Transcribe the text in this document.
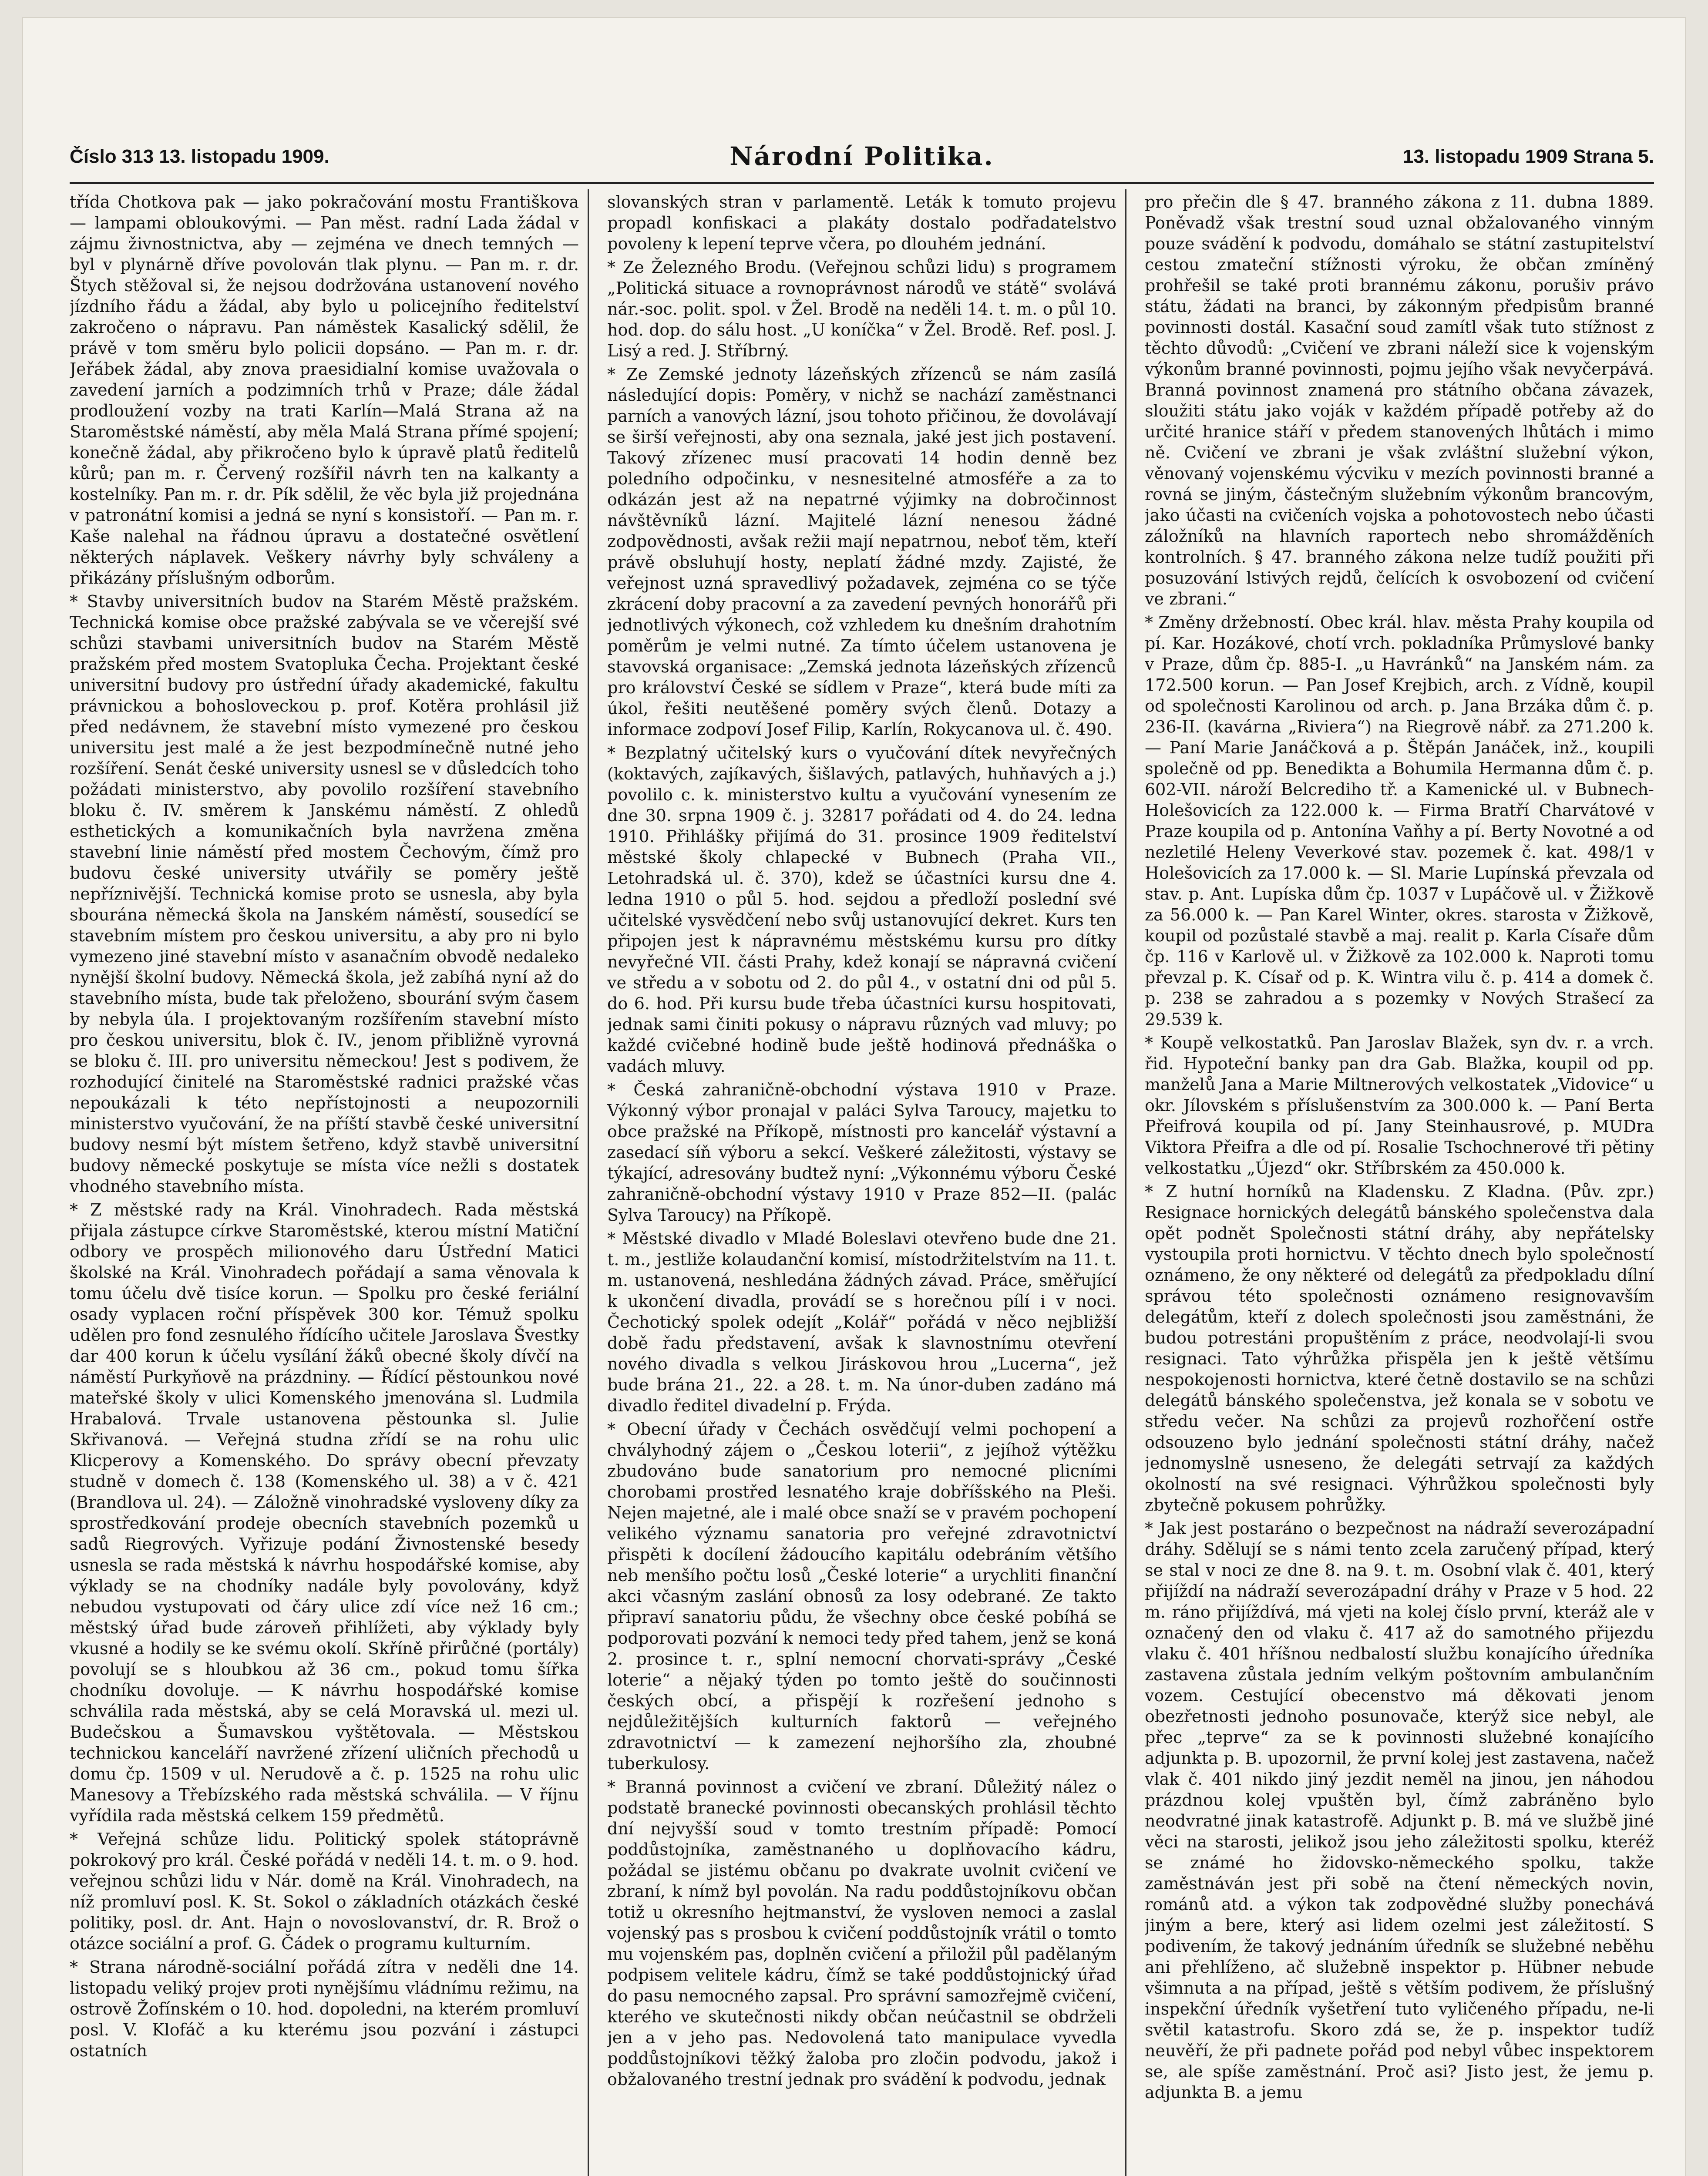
Číslo 313 13. listopadu 1909.	Národní Politika.	13. listopadu 1909 Strana 5.

třída Chotkova pak — jako pokračování mostu Františkova — lampami obloukovými. — Pan měst. radní Lada žádal v zájmu živnostnictva, aby — zejména ve dnech temných — byl v plynárně dříve povolován tlak plynu. — Pan m. r. dr. Štych stěžoval si, že nejsou dodržována ustanovení nového jízdního řádu a žádal, aby bylo u policejního ředitelství zakročeno o nápravu. Pan náměstek Kasalický sdělil, že právě v tom směru bylo policii dopsáno. — Pan m. r. dr. Jeřábek žádal, aby znova praesidialní komise uvažovala o zavedení jarních a podzimních trhů v Praze; dále žádal prodloužení vozby na trati Karlín—Malá Strana až na Staroměstské náměstí, aby měla Malá Strana přímé spojení; konečně žádal, aby přikročeno bylo k úpravě platů ředitelů kůrů; pan m. r. Červený rozšířil návrh ten na kalkanty a kostelníky. Pan m. r. dr. Pík sdělil, že věc byla již projednána v patronátní komisi a jedná se nyní s konsistoří. — Pan m. r. Kaše nalehal na řádnou úpravu a dostatečné osvětlení některých náplavek. Veškery návrhy byly schváleny a přikázány příslušným odborům.

* Stavby universitních budov na Starém Městě pražském. Technická komise obce pražské zabývala se ve včerejší své schůzi stavbami universitních budov na Starém Městě pražském před mostem Svatopluka Čecha. Projektant české universitní budovy pro ústřední úřady akademické, fakultu právnickou a bohosloveckou p. prof. Kotěra prohlásil již před nedávnem, že stavební místo vymezené pro českou universitu jest malé a že jest bezpodmínečně nutné jeho rozšíření. Senát české university usnesl se v důsledcích toho požádati ministerstvo, aby povolilo rozšíření stavebního bloku č. IV. směrem k Janskému náměstí. Z ohledů esthetických a komunikačních byla navržena změna stavební linie náměstí před mostem Čechovým, čímž pro budovu české university utvářily se poměry ještě nepříznivější. Technická komise proto se usnesla, aby byla sbourána německá škola na Janském náměstí, sousedící se stavebním místem pro českou universitu, a aby pro ni bylo vymezeno jiné stavební místo v asanačním obvodě nedaleko nynější školní budovy. Německá škola, jež zabíhá nyní až do stavebního místa, bude tak přeloženo, sbourání svým časem by nebyla úla. I projektovaným rozšířením stavební místo pro českou universitu, blok č. IV., jenom přibližně vyrovná se bloku č. III. pro universitu německou! Jest s podivem, že rozhodující činitelé na Staroměstské radnici pražské včas nepoukázali k této nepřístojnosti a neupozornili ministerstvo vyučování, že na příští stavbě české universitní budovy nesmí být místem šetřeno, když stavbě universitní budovy německé poskytuje se místa více nežli s dostatek vhodného stavebního místa.

* Z městské rady na Král. Vinohradech. Rada městská přijala zástupce církve Staroměstské, kterou místní Matiční odbory ve prospěch milionového daru Ústřední Matici školské na Král. Vinohradech pořádají a sama věnovala k tomu účelu dvě tisíce korun. — Spolku pro české feriální osady vyplacen roční příspěvek 300 kor. Témuž spolku udělen pro fond zesnulého řídícího učitele Jaroslava Švestky dar 400 korun k účelu vysílání žáků obecné školy dívčí na náměstí Purkyňově na prázdniny. — Řídící pěstounkou nové mateřské školy v ulici Komenského jmenována sl. Ludmila Hrabalová. Trvale ustanovena pěstounka sl. Julie Skřivanová. — Veřejná studna zřídí se na rohu ulic Klicperovy a Komenského. Do správy obecní převzaty studně v domech č. 138 (Komenského ul. 38) a v č. 421 (Brandlova ul. 24). — Záložně vinohradské vysloveny díky za sprostředkování prodeje obecních stavebních pozemků u sadů Riegrových. Vyřizuje podání Živnostenské besedy usnesla se rada městská k návrhu hospodářské komise, aby výklady se na chodníky nadále byly povolovány, když nebudou vystupovati od čáry ulice zdí více než 16 cm.; městský úřad bude zároveň přihlížeti, aby výklady byly vkusné a hodily se ke svému okolí. Skříně přirůčné (portály) povolují se s hloubkou až 36 cm., pokud tomu šířka chodníku dovoluje. — K návrhu hospodářské komise schválila rada městská, aby se celá Moravská ul. mezi ul. Budečskou a Šumavskou vyštětovala. — Městskou technickou kanceláří navržené zřízení uličních přechodů u domu čp. 1509 v ul. Nerudově a č. p. 1525 na rohu ulic Manesovy a Třebízského rada městská schválila. — V říjnu vyřídila rada městská celkem 159 předmětů.

* Veřejná schůze lidu. Politický spolek státoprávně pokrokový pro král. České pořádá v neděli 14. t. m. o 9. hod. veřejnou schůzi lidu v Nár. domě na Král. Vinohradech, na níž promluví posl. K. St. Sokol o základních otázkách české politiky, posl. dr. Ant. Hajn o novoslovanství, dr. R. Brož o otázce sociální a prof. G. Čádek o programu kulturním.

* Strana národně-sociální pořádá zítra v neděli dne 14. listopadu veliký projev proti nynějšímu vládnímu režimu, na ostrově Žofínském o 10. hod. dopoledni, na kterém promluví posl. V. Klofáč a ku kterému jsou pozvání i zástupci ostatních

slovanských stran v parlamentě. Leták k tomuto projevu propadl konfiskaci a plakáty dostalo podřadatelstvo povoleny k lepení teprve včera, po dlouhém jednání.

* Ze Železného Brodu. (Veřejnou schůzi lidu) s programem „Politická situace a rovnoprávnost národů ve státě“ svolává nár.-soc. polit. spol. v Žel. Brodě na neděli 14. t. m. o půl 10. hod. dop. do sálu host. „U koníčka“ v Žel. Brodě. Ref. posl. J. Lisý a red. J. Stříbrný.

* Ze Zemské jednoty lázeňských zřízenců se nám zasílá následující dopis: Poměry, v nichž se nachází zaměstnanci parních a vanových lázní, jsou tohoto přičinou, že dovolávají se širší veřejnosti, aby ona seznala, jaké jest jich postavení. Takový zřízenec musí pracovati 14 hodin denně bez poledního odpočinku, v nesnesitelné atmosféře a za to odkázán jest až na nepatrné výjimky na dobročinnost návštěvníků lázní. Majitelé lázní nenesou žádné zodpovědnosti, avšak režii mají nepatrnou, neboť těm, kteří právě obsluhují hosty, neplatí žádné mzdy. Zajisté, že veřejnost uzná spravedlivý požadavek, zejména co se týče zkrácení doby pracovní a za zavedení pevných honorářů při jednotlivých výkonech, což vzhledem ku dnešním drahotním poměrům je velmi nutné. Za tímto účelem ustanovena je stavovská organisace: „Zemská jednota lázeňských zřízenců pro království České se sídlem v Praze“, která bude míti za úkol, řešiti neutěšené poměry svých členů. Dotazy a informace zodpoví Josef Filip, Karlín, Rokycanova ul. č. 490.

* Bezplatný učitelský kurs o vyučování dítek nevyřečných (koktavých, zajíkavých, šišlavých, patlavých, huhňavých a j.) povolilo c. k. ministerstvo kultu a vyučování vynesením ze dne 30. srpna 1909 č. j. 32817 pořádati od 4. do 24. ledna 1910. Přihlášky přijímá do 31. prosince 1909 ředitelství městské školy chlapecké v Bubnech (Praha VII., Letohradská ul. č. 370), kdež se účastníci kursu dne 4. ledna 1910 o půl 5. hod. sejdou a předloží poslední své učitelské vysvědčení nebo svůj ustanovující dekret. Kurs ten připojen jest k nápravnému městskému kursu pro dítky nevyřečné VII. části Prahy, kdež konají se nápravná cvičení ve středu a v sobotu od 2. do půl 4., v ostatní dni od půl 5. do 6. hod. Při kursu bude třeba účastníci kursu hospitovati, jednak sami činiti pokusy o nápravu různých vad mluvy; po každé cvičebné hodině bude ještě hodinová přednáška o vadách mluvy.

* Česká zahraničně-obchodní výstava 1910 v Praze. Výkonný výbor pronajal v paláci Sylva Taroucy, majetku to obce pražské na Příkopě, místnosti pro kancelář výstavní a zasedací síň výboru a sekcí. Veškeré záležitosti, výstavy se týkající, adresovány budtež nyní: „Výkonnému výboru České zahraničně-obchodní výstavy 1910 v Praze 852—II. (palác Sylva Taroucy) na Příkopě.

* Městské divadlo v Mladé Boleslavi otevřeno bude dne 21. t. m., jestliže kolaudanční komisí, místodržitelstvím na 11. t. m. ustanovená, neshledána žádných závad. Práce, směřující k ukončení divadla, provádí se s horečnou pílí i v noci. Čechotický spolek odejít „Kolář“ pořádá v něco nejbližší době řadu představení, avšak k slavnostnímu otevření nového divadla s velkou Jiráskovou hrou „Lucerna“, jež bude brána 21., 22. a 28. t. m. Na únor-duben zadáno má divadlo ředitel divadelní p. Frýda.

* Obecní úřady v Čechách osvědčují velmi pochopení a chvályhodný zájem o „Českou loterii“, z jejíhož výtěžku zbudováno bude sanatorium pro nemocné plicními chorobami prostřed lesnatého kraje dobříšského na Pleši. Nejen majetné, ale i malé obce snaží se v pravém pochopení velikého významu sanatoria pro veřejné zdravotnictví přispěti k docílení žádoucího kapitálu odebráním většího neb menšího počtu losů „České loterie“ a urychliti finanční akci včasným zaslání obnosů za losy odebrané. Ze takto připraví sanatoriu půdu, že všechny obce české pobíhá se podporovati pozvání k nemoci tedy před tahem, jenž se koná 2. prosince t. r., splní nemocní chorvati-správy „České loterie“ a nějaký týden po tomto ještě do součinnosti českých obcí, a přispějí k rozřešení jednoho s nejdůležitějších kulturních faktorů — veřejného zdravotnictví — k zamezení nejhoršího zla, zhoubné tuberkulosy.

* Branná povinnost a cvičení ve zbraní. Důležitý nález o podstatě branecké povinnosti obecanských prohlásil těchto dní nejvyšší soud v tomto trestním případě: Pomocí poddůstojníka, zaměstnaného u doplňovacího kádru, požádal se jistému občanu po dvakrate uvolnit cvičení ve zbraní, k nímž byl povolán. Na radu poddůstojníkovu občan totiž u okresního hejtmanství, že vysloven nemoci a zaslal vojenský pas s prosbou k cvičení poddůstojník vrátil o tomto mu vojenském pas, doplněn cvičení a přiložil půl padělaným podpisem velitele kádru, čímž se také poddůstojnický úřad do pasu nemocného zapsal. Pro správní samozřejmě cvičení, kterého ve skutečnosti nikdy občan neúčastnil se obdrželi jen a v jeho pas. Nedovolená tato manipulace vyvedla poddůstojníkovi těžký žaloba pro zločin podvodu, jakož i obžalovaného trestní jednak pro svádění k podvodu, jednak

pro přečin dle § 47. branného zákona z 11. dubna 1889. Poněvadž však trestní soud uznal obžalovaného vinným pouze svádění k podvodu, domáhalo se státní zastupitelství cestou zmateční stížnosti výroku, že občan zmíněný prohřešil se také proti brannému zákonu, porušiv právo státu, žádati na branci, by zákonným předpisům branné povinnosti dostál. Kasační soud zamítl však tuto stížnost z těchto důvodů: „Cvičení ve zbrani náleží sice k vojenským výkonům branné povinnosti, pojmu jejího však nevyčerpává. Branná povinnost znamená pro státního občana závazek, sloužiti státu jako voják v každém případě potřeby až do určité hranice stáří v předem stanovených lhůtách i mimo ně. Cvičení ve zbrani je však zvláštní služební výkon, věnovaný vojenskému výcviku v mezích povinnosti branné a rovná se jiným, částečným služebním výkonům brancovým, jako účasti na cvičeních vojska a pohotovostech nebo účasti záložníků na hlavních raportech nebo shromážděních kontrolních. § 47. branného zákona nelze tudíž použiti při posuzování lstivých rejdů, čelících k osvobození od cvičení ve zbrani.“

* Změny držebností. Obec král. hlav. města Prahy koupila od pí. Kar. Hozákové, chotí vrch. pokladníka Průmyslové banky v Praze, dům čp. 885-I. „u Havránků“ na Janském nám. za 172.500 korun. — Pan Josef Krejbich, arch. z Vídně, koupil od společnosti Karolinou od arch. p. Jana Brzáka dům č. p. 236-II. (kavárna „Riviera“) na Riegrově nábř. za 271.200 k. — Paní Marie Janáčková a p. Štěpán Janáček, inž., koupili společně od pp. Benedikta a Bohumila Hermanna dům č. p. 602-VII. nároží Belcrediho tř. a Kamenické ul. v Bubnech-Holešovicích za 122.000 k. — Firma Bratří Charvátové v Praze koupila od p. Antonína Vaňhy a pí. Berty Novotné a od nezletilé Heleny Veverkové stav. pozemek č. kat. 498/1 v Holešovicích za 17.000 k. — Sl. Marie Lupínská převzala od stav. p. Ant. Lupíska dům čp. 1037 v Lupáčově ul. v Žižkově za 56.000 k. — Pan Karel Winter, okres. starosta v Žižkově, koupil od pozůstalé stavbě a maj. realit p. Karla Císaře dům čp. 116 v Karlově ul. v Žižkově za 102.000 k. Naproti tomu převzal p. K. Císař od p. K. Wintra vilu č. p. 414 a domek č. p. 238 se zahradou a s pozemky v Nových Strašecí za 29.539 k.

* Koupě velkostatků. Pan Jaroslav Blažek, syn dv. r. a vrch. řid. Hypoteční banky pan dra Gab. Blažka, koupil od pp. manželů Jana a Marie Miltnerových velkostatek „Vidovice“ u okr. Jílovském s příslušenstvím za 300.000 k. — Paní Berta Přeifrová koupila od pí. Jany Steinhausrové, p. MUDra Viktora Přeifra a dle od pí. Rosalie Tschochnerové tři pětiny velkostatku „Újezd“ okr. Stříbrském za 450.000 k.

* Z hutní horníků na Kladensku. Z Kladna. (Pův. zpr.) Resignace hornických delegátů bánského společenstva dala opět podnět Společnosti státní dráhy, aby nepřátelsky vystoupila proti hornictvu. V těchto dnech bylo společností oznámeno, že ony některé od delegátů za předpokladu dílní správou této společnosti oznámeno resignovavším delegátům, kteří z dolech společnosti jsou zaměstnáni, že budou potrestáni propuštěním z práce, neodvolají-li svou resignaci. Tato výhrůžka přispěla jen k ještě většímu nespokojenosti hornictva, které četně dostavilo se na schůzi delegátů bánského společenstva, jež konala se v sobotu ve středu večer. Na schůzi za projevů rozhořčení ostře odsouzeno bylo jednání společnosti státní dráhy, načež jednomyslně usneseno, že delegáti setrvají za každých okolností na své resignaci. Výhrůžkou společnosti byly zbytečně pokusem pohrůžky.

* Jak jest postaráno o bezpečnost na nádraží severozápadní dráhy. Sdělují se s námi tento zcela zaručený případ, který se stal v noci ze dne 8. na 9. t. m. Osobní vlak č. 401, který přijíždí na nádraží severozápadní dráhy v Praze v 5 hod. 22 m. ráno přijíždívá, má vjeti na kolej číslo první, kteráž ale v označený den od vlaku č. 417 až do samotného přijezdu vlaku č. 401 hříšnou nedbalostí službu konajícího úředníka zastavena zůstala jedním velkým poštovním ambulančním vozem. Cestující obecenstvo má děkovati jenom obezřetnosti jednoho posunovače, kterýž sice nebyl, ale přec „teprve“ za se k povinnosti služebné konajícího adjunkta p. B. upozornil, že první kolej jest zastavena, načež vlak č. 401 nikdo jiný jezdit neměl na jinou, jen náhodou prázdnou kolej vpuštěn byl, čímž zabráněno bylo neodvratné jinak katastrofě. Adjunkt p. B. má ve službě jiné věci na starosti, jelikož jsou jeho záležitosti spolku, kteréž se známé ho židovsko-německého spolku, takže zaměstnáván jest při sobě na čtení německých novin, románů atd. a výkon tak zodpovědné služby ponechává jiným a bere, který asi lidem ozelmi jest záležitostí. S podivením, že takový jednáním úředník se služebné neběhu ani přehlíženo, ač služebně inspektor p. Hübner nebude všimnuta a na případ, ještě s větším podivem, že příslušný inspekční úředník vyšetření tuto vyličeného případu, ne-li světil katastrofu. Skoro zdá se, že p. inspektor tudíž neuvěří, že při padnete pořád pod nebyl vůbec inspektorem se, ale spíše zaměstnání. Proč asi? Jisto jest, že jemu p. adjunkta B. a jemu
